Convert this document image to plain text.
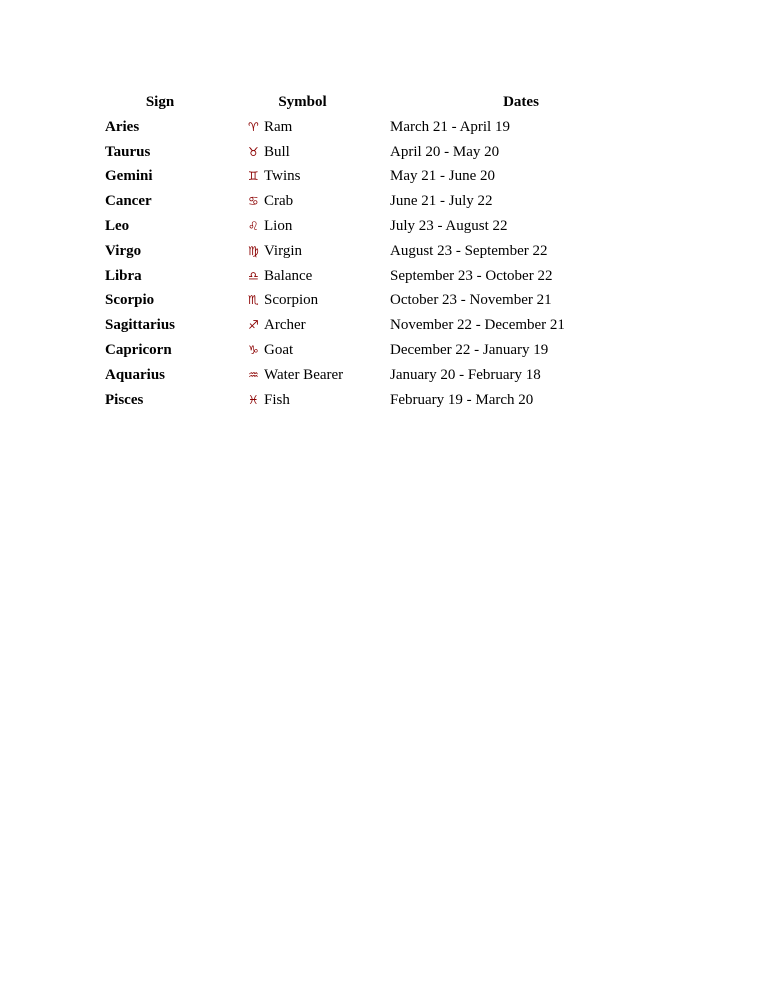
Sign	Symbol	Dates
Aries	♈ Ram	March 21 - April 19
Taurus	♉ Bull	April 20 - May 20
Gemini	♊ Twins	May 21 - June 20
Cancer	♋ Crab	June 21 - July 22
Leo	♌ Lion	July 23 - August 22
Virgo	♍ Virgin	August 23 - September 22
Libra	♎ Balance	September 23 - October 22
Scorpio	♏ Scorpion	October 23 - November 21
Sagittarius	♐ Archer	November 22 - December 21
Capricorn	♑ Goat	December 22 - January 19
Aquarius	♒ Water Bearer	January 20 - February 18
Pisces	♓ Fish	February 19 - March 20
